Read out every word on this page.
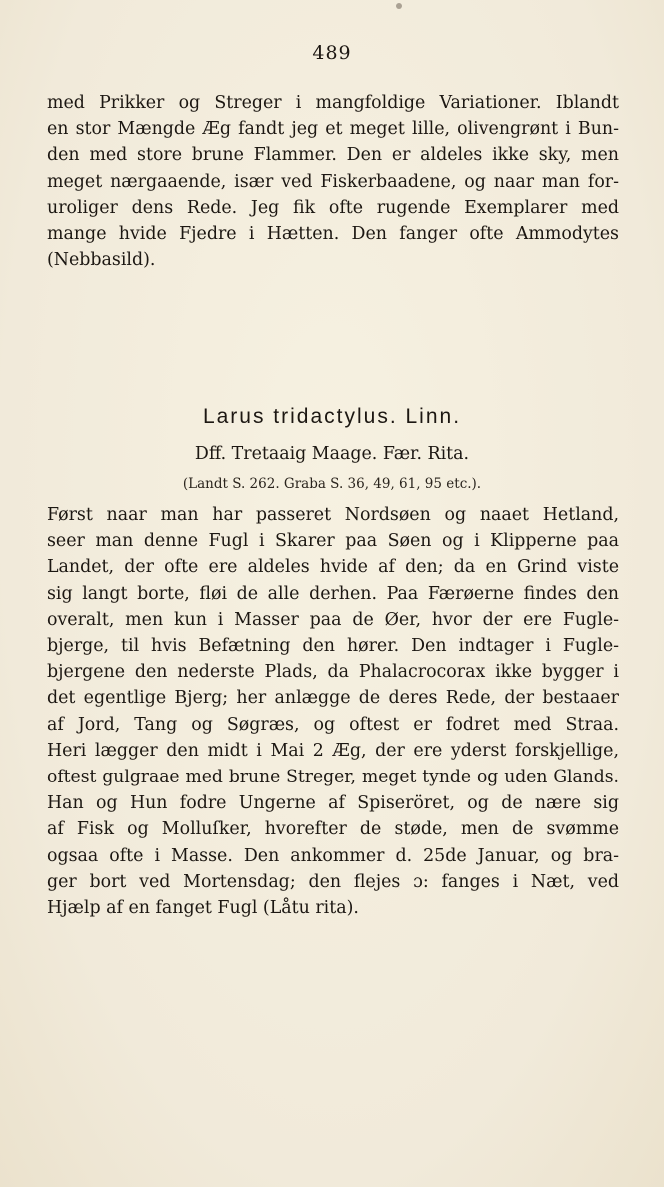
489
med Prikker og Streger i mangfoldige Variationer. Iblandt
en stor Mængde Æg fandt jeg et meget lille, olivengrønt i Bun-
den med store brune Flammer. Den er aldeles ikke sky, men
meget nærgaaende, især ved Fiskerbaadene, og naar man for-
uroliger dens Rede. Jeg fik ofte rugende Exemplarer med
mange hvide Fjedre i Hætten. Den fanger ofte Ammodytes
(Nebbasild).
Larus tridactylus. Linn.
Dff. Tretaaig Maage. Fær. Rita.
(Landt S. 262. Graba S. 36, 49, 61, 95 etc.).
Først naar man har passeret Nordsøen og naaet Hetland,
seer man denne Fugl i Skarer paa Søen og i Klipperne paa
Landet, der ofte ere aldeles hvide af den; da en Grind viste
sig langt borte, fløi de alle derhen. Paa Færøerne findes den
overalt, men kun i Masser paa de Øer, hvor der ere Fugle-
bjerge, til hvis Befætning den hører. Den indtager i Fugle-
bjergene den nederste Plads, da Phalacrocorax ikke bygger i
det egentlige Bjerg; her anlægge de deres Rede, der bestaaer
af Jord, Tang og Søgræs, og oftest er fodret med Straa.
Heri lægger den midt i Mai 2 Æg, der ere yderst forskjellige,
oftest gulgraae med brune Streger, meget tynde og uden Glands.
Han og Hun fodre Ungerne af Spiseröret, og de nære sig
af Fisk og Molluſker, hvorefter de støde, men de svømme
ogsaa ofte i Masse. Den ankommer d. 25de Januar, og bra-
ger bort ved Mortensdag; den flejes ɔ: fanges i Næt, ved
Hjælp af en fanget Fugl (Låtu rita).
